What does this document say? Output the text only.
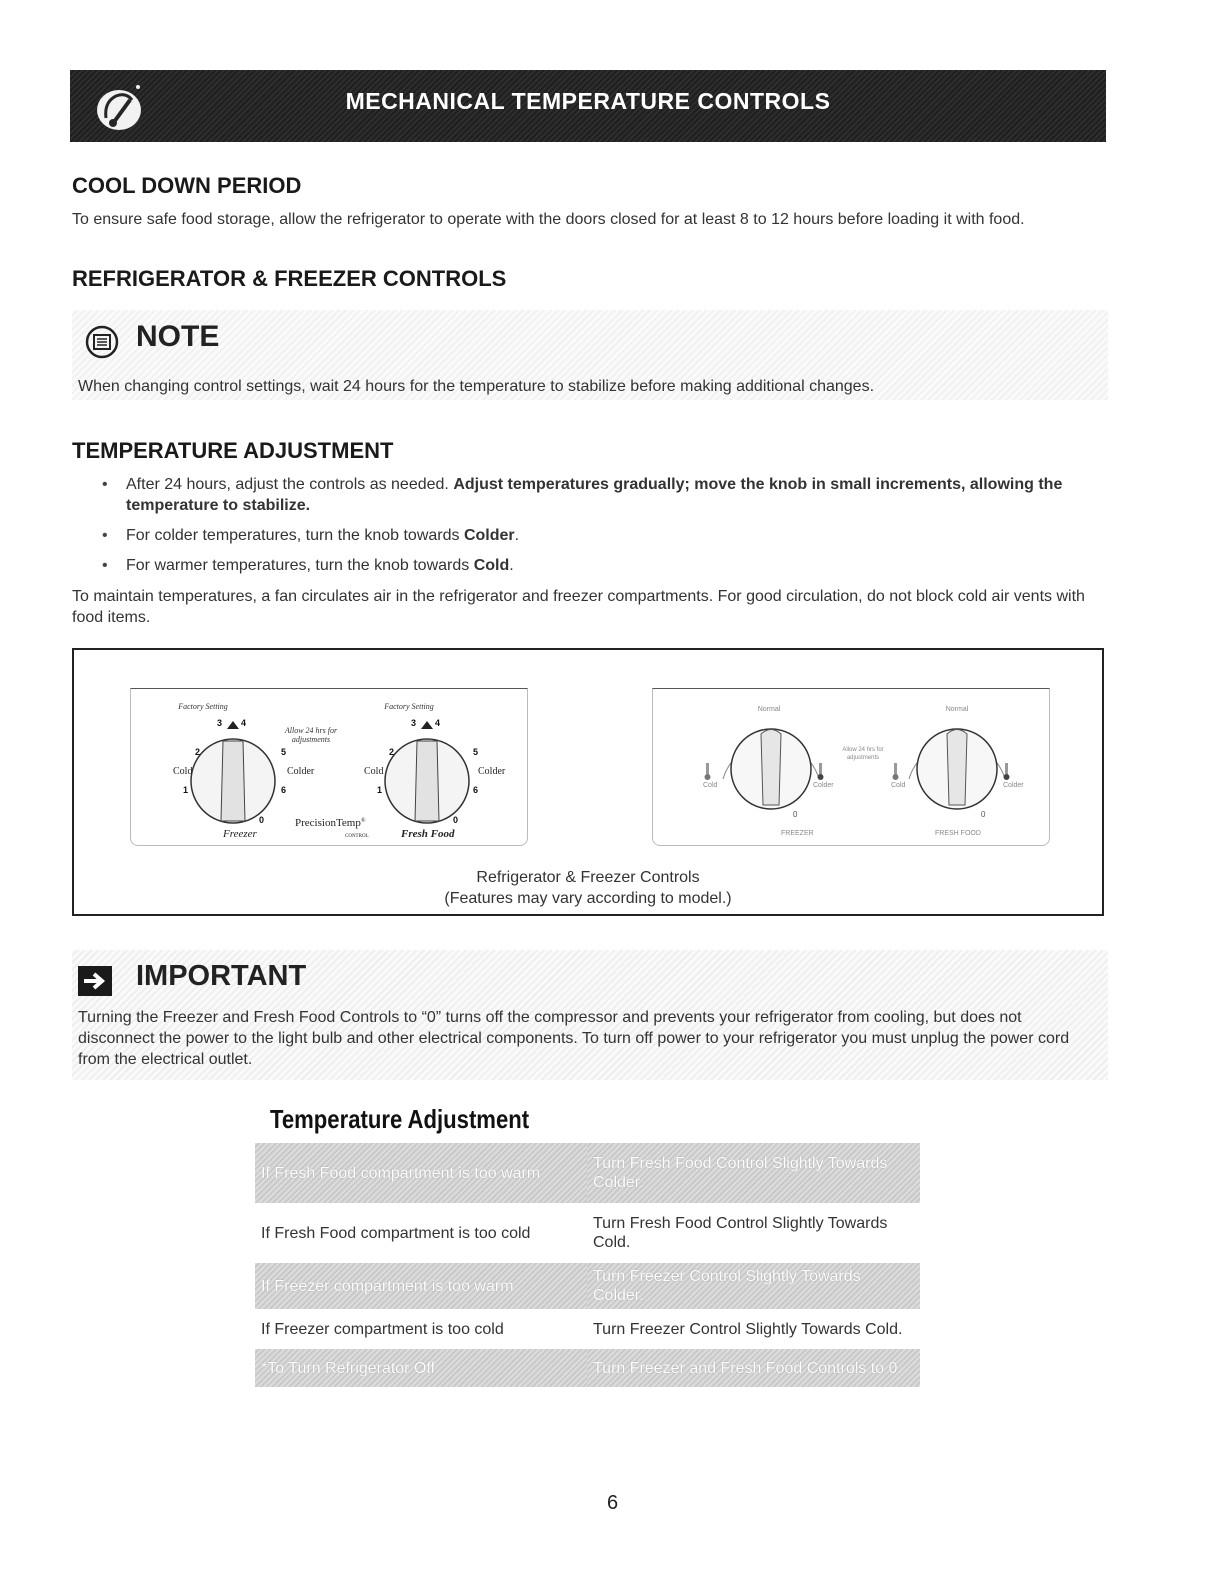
MECHANICAL TEMPERATURE CONTROLS
COOL DOWN PERIOD

To ensure safe food storage, allow the refrigerator to operate with the doors closed for at least 8 to 12 hours before loading it with food.

REFRIGERATOR & FREEZER CONTROLS
NOTE
When changing control settings, wait 24 hours for the temperature to stabilize before making additional changes.
TEMPERATURE ADJUSTMENT
• After 24 hours, adjust the controls as needed. Adjust temperatures gradually; move the knob in small increments, allowing the temperature to stabilize.
• For colder temperatures, turn the knob towards Colder.
• For warmer temperatures, turn the knob towards Cold.

To maintain temperatures, a fan circulates air in the refrigerator and freezer compartments. For good circulation, do not block cold air vents with food items.

Factory Setting	Factory Setting
Allow 24 hrs for
adjustments
3 4
2	5
1	6
0
3 4
2	5
1	6
0
Cold	Colder	Cold	Colder
PrecisionTemp®
CONTROL
Freezer	Fresh Food
Normal	Normal
Allow 24 hrs for
adjustments
Cold	Colder	Cold	Colder
FREEZER	FRESH FOOD
0	0
Refrigerator & Freezer Controls
(Features may vary according to model.)
IMPORTANT
Turning the Freezer and Fresh Food Controls to “0” turns off the compressor and prevents your refrigerator from cooling, but does not disconnect the power to the light bulb and other electrical components. To turn off power to your refrigerator you must unplug the power cord from the electrical outlet.
Temperature Adjustment
If Fresh Food compartment is too warm	Turn Fresh Food Control Slightly Towards Colder.
If Fresh Food compartment is too cold	Turn Fresh Food Control Slightly Towards Cold.
If Freezer compartment is too warm	Turn Freezer Control Slightly Towards Colder.
If Freezer compartment is too cold	Turn Freezer Control Slightly Towards Cold.
*To Turn Refrigerator Off	Turn Freezer and Fresh Food Controls to 0.
6
